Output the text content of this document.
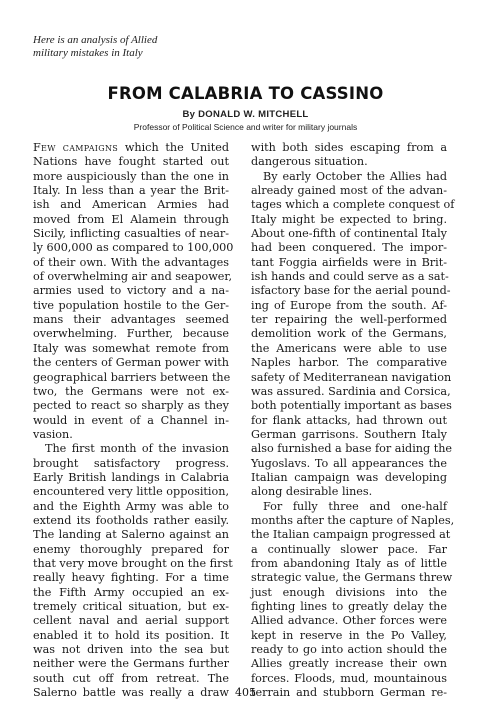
Here is an analysis of Allied
military mistakes in Italy
FROM CALABRIA TO CASSINO
By DONALD W. MITCHELL
Professor of Political Science and writer for military journals
Few campaigns which the United
Nations have fought started out
more auspiciously than the one in
Italy. In less than a year the Brit-
ish and American Armies had
moved from El Alamein through
Sicily, inflicting casualties of near-
ly 600,000 as compared to 100,000
of their own. With the advantages
of overwhelming air and seapower,
armies used to victory and a na-
tive population hostile to the Ger-
mans their advantages seemed
overwhelming. Further, because
Italy was somewhat remote from
the centers of German power with
geographical barriers between the
two, the Germans were not ex-
pected to react so sharply as they
would in event of a Channel in-
vasion.
The first month of the invasion
brought satisfactory progress.
Early British landings in Calabria
encountered very little opposition,
and the Eighth Army was able to
extend its footholds rather easily.
The landing at Salerno against an
enemy thoroughly prepared for
that very move brought on the first
really heavy fighting. For a time
the Fifth Army occupied an ex-
tremely critical situation, but ex-
cellent naval and aerial support
enabled it to hold its position. It
was not driven into the sea but
neither were the Germans further
south cut off from retreat. The
Salerno battle was really a draw
with both sides escaping from a
dangerous situation.
By early October the Allies had
already gained most of the advan-
tages which a complete conquest of
Italy might be expected to bring.
About one-fifth of continental Italy
had been conquered. The impor-
tant Foggia airfields were in Brit-
ish hands and could serve as a sat-
isfactory base for the aerial pound-
ing of Europe from the south. Af-
ter repairing the well-performed
demolition work of the Germans,
the Americans were able to use
Naples harbor. The comparative
safety of Mediterranean navigation
was assured. Sardinia and Corsica,
both potentially important as bases
for flank attacks, had thrown out
German garrisons. Southern Italy
also furnished a base for aiding the
Yugoslavs. To all appearances the
Italian campaign was developing
along desirable lines.
For fully three and one-half
months after the capture of Naples,
the Italian campaign progressed at
a continually slower pace. Far
from abandoning Italy as of little
strategic value, the Germans threw
just enough divisions into the
fighting lines to greatly delay the
Allied advance. Other forces were
kept in reserve in the Po Valley,
ready to go into action should the
Allies greatly increase their own
forces. Floods, mud, mountainous
terrain and stubborn German re-
405
